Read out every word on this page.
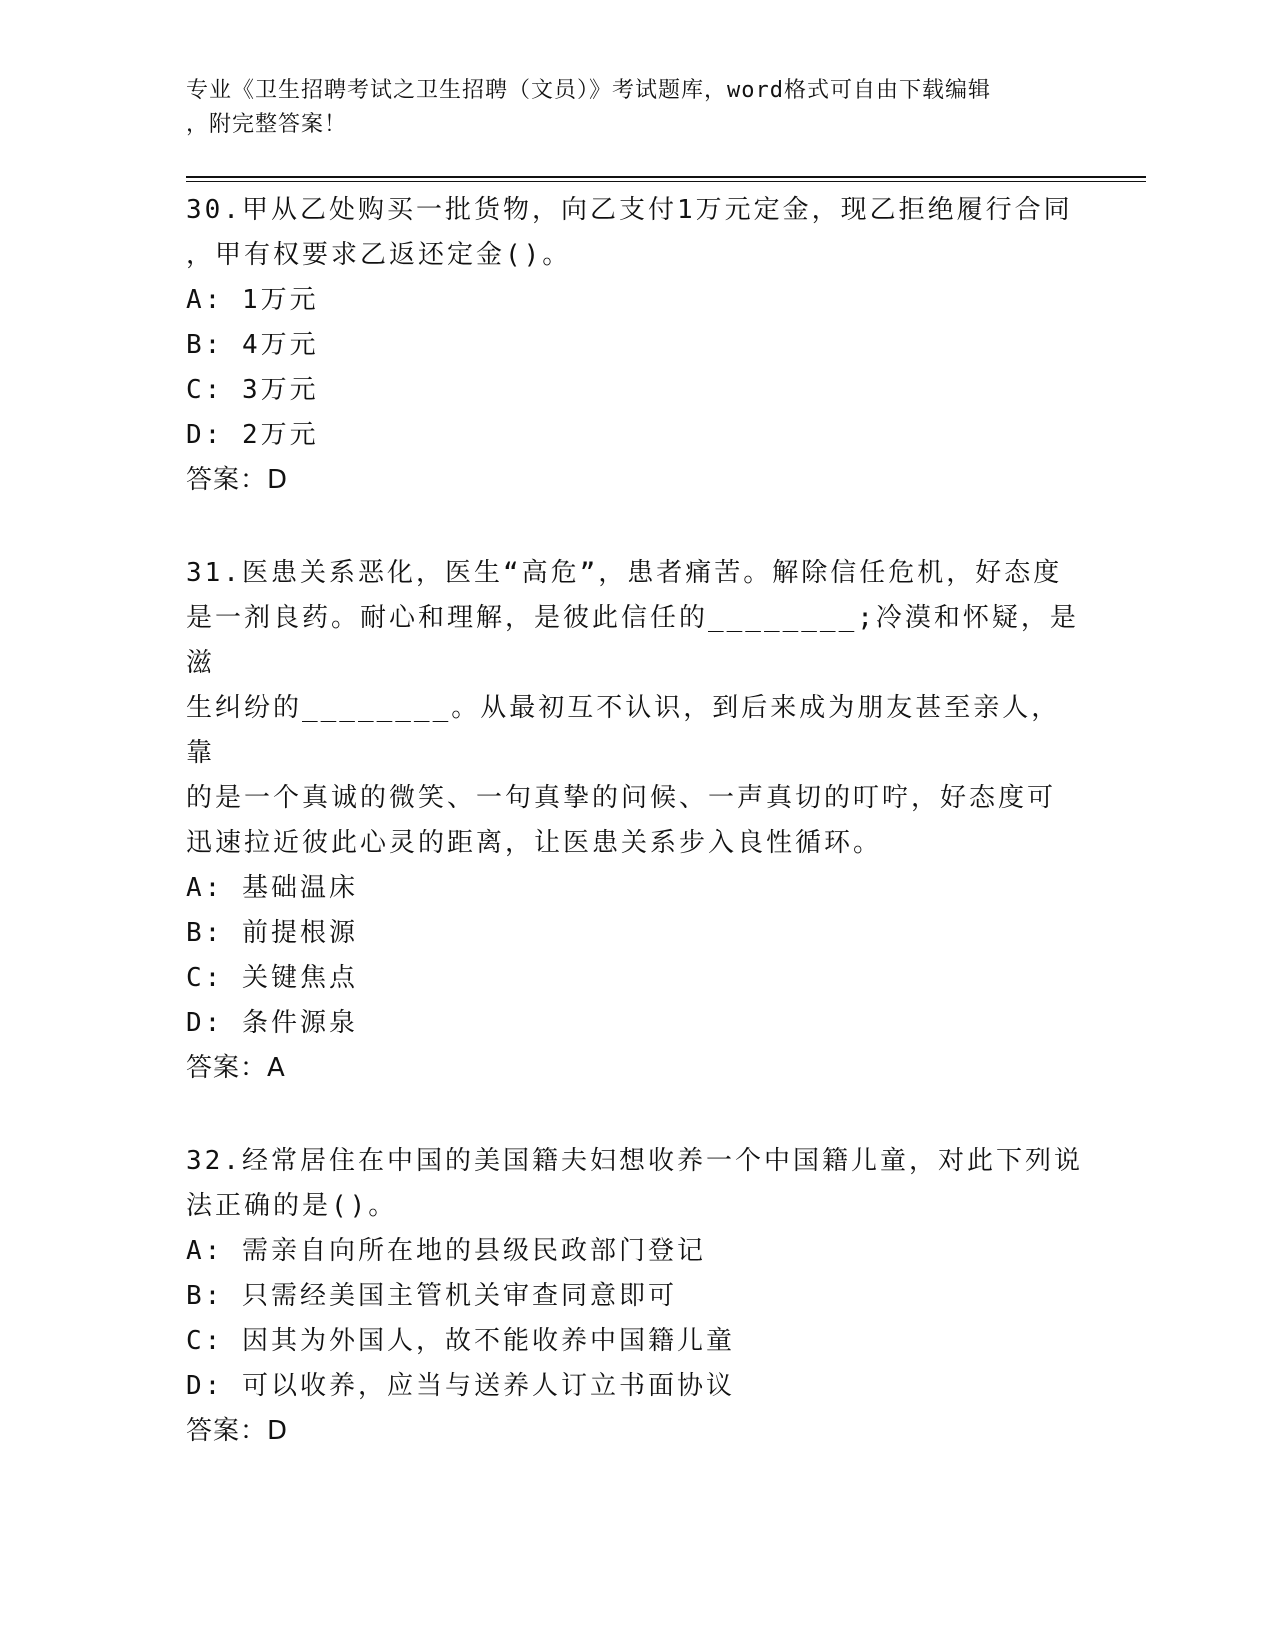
专业《卫生招聘考试之卫生招聘（文员）》考试题库，word格式可自由下载编辑
，附完整答案！

30.甲从乙处购买一批货物，向乙支付1万元定金，现乙拒绝履行合同

，甲有权要求乙返还定金()。

A: 1万元

B: 4万元

C: 3万元

D: 2万元

答案：D

31.医患关系恶化，医生“高危”，患者痛苦。解除信任危机，好态度

是一剂良药。耐心和理解，是彼此信任的________;冷漠和怀疑，是滋

生纠纷的________。从最初互不认识，到后来成为朋友甚至亲人，靠

的是一个真诚的微笑、一句真挚的问候、一声真切的叮咛，好态度可

迅速拉近彼此心灵的距离，让医患关系步入良性循环。

A: 基础温床

B: 前提根源

C: 关键焦点

D: 条件源泉

答案：A

32.经常居住在中国的美国籍夫妇想收养一个中国籍儿童，对此下列说

法正确的是()。

A: 需亲自向所在地的县级民政部门登记

B: 只需经美国主管机关审查同意即可

C: 因其为外国人，故不能收养中国籍儿童

D: 可以收养，应当与送养人订立书面协议

答案：D
